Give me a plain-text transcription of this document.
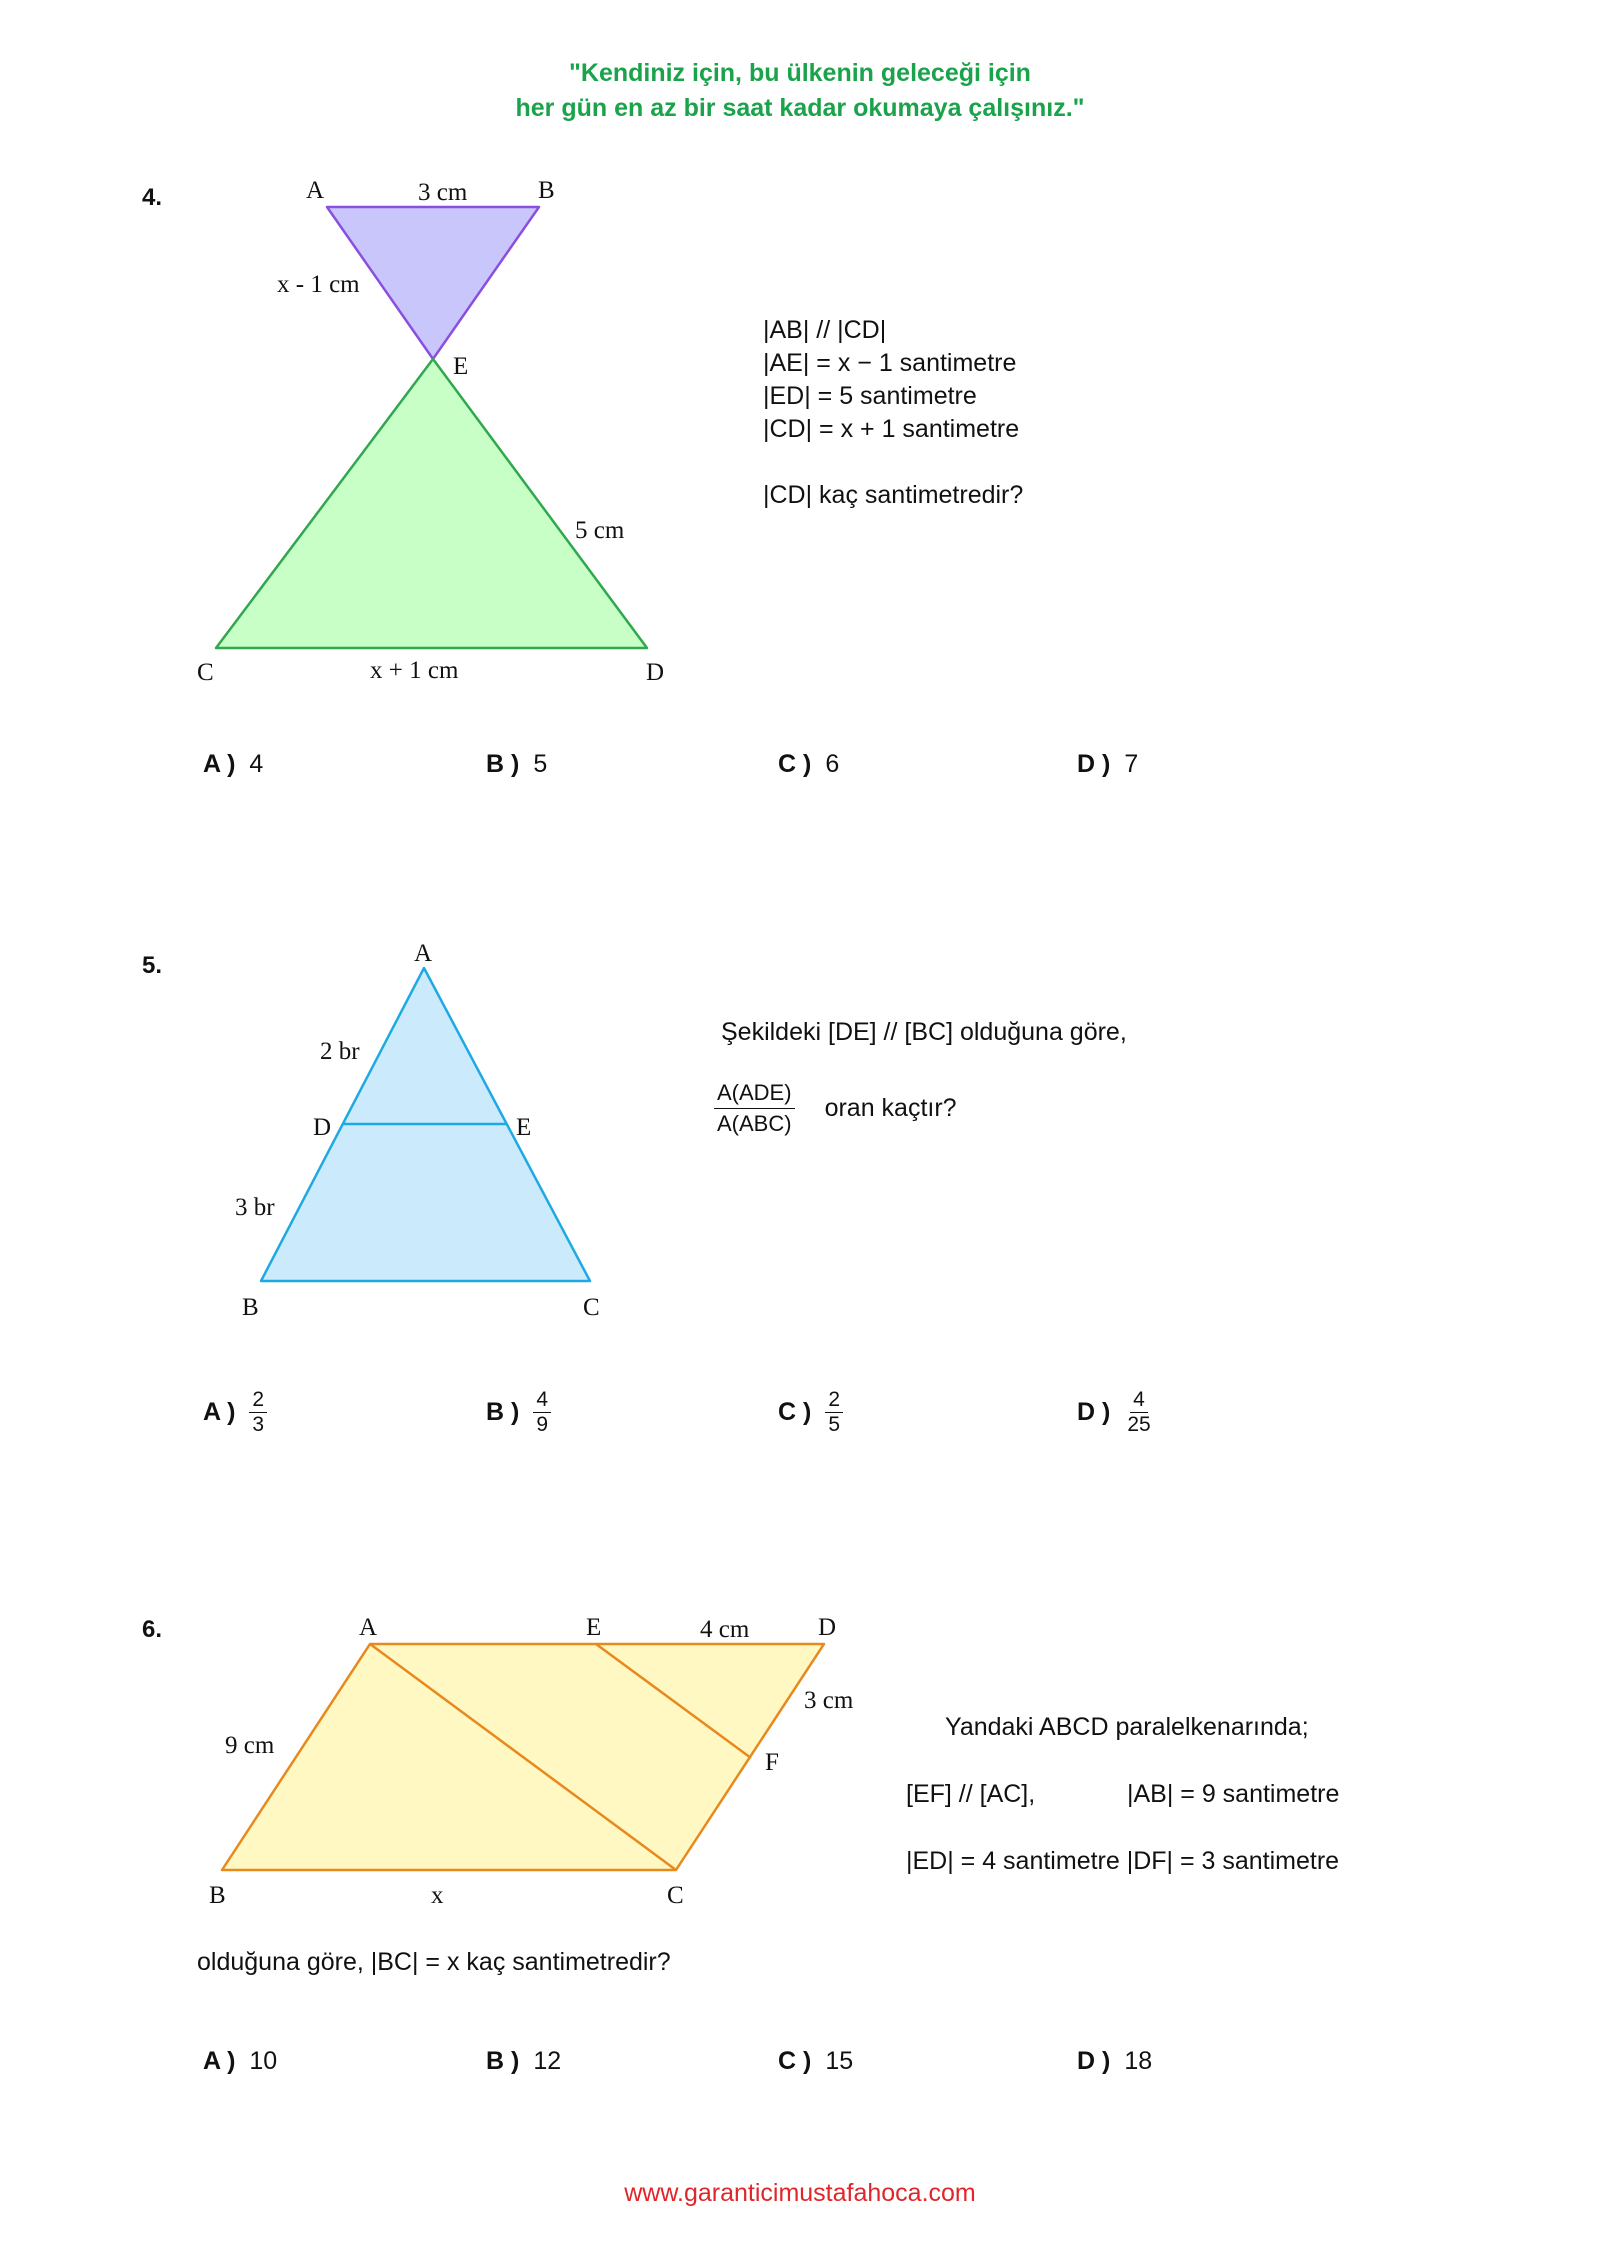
"Kendiniz için, bu ülkenin geleceği için
her gün en az bir saat kadar okumaya çalışınız."
4.	A	B
3 cm
x - 1 cm
E
5 cm
C	x + 1 cm	D
|AB| // |CD|
|AE| = x − 1 santimetre
|ED| = 5 santimetre
|CD| = x + 1 santimetre
|CD| kaç santimetredir?
A ) 4	B ) 5	C ) 6	D ) 7
5.	A
2 br
D	E
3 br
B	C
Şekildeki [DE] // [BC] olduğuna göre,
$\frac{\text{A(ADE)}}{\text{A(ABC)}}$ oran kaçtır?
A ) $\frac{2}{3}$	B ) $\frac{4}{9}$	C ) $\frac{2}{5}$	D ) $\frac{4}{25}$
6.	A	E	4 cm	D
3 cm
F
9 cm
B	x	C
Yandaki ABCD paralelkenarında;
[EF] // [AC],	|AB| = 9 santimetre
|ED| = 4 santimetre |DF| = 3 santimetre
olduğuna göre, |BC| = x kaç santimetredir?
A ) 10	B ) 12	C ) 15	D ) 18
www.garanticimustafahoca.com
